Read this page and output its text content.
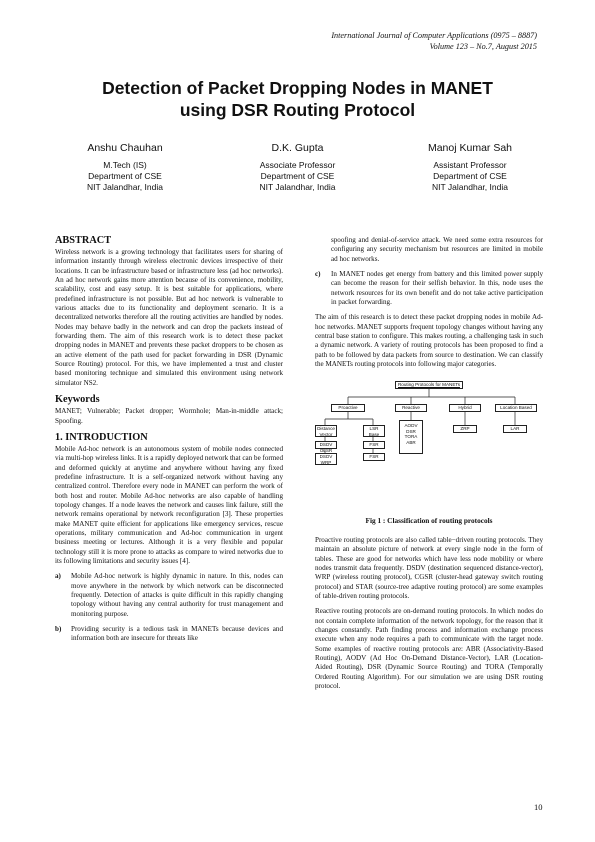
International Journal of Computer Applications (0975 – 8887)
Volume 123 – No.7, August 2015
Detection of Packet Dropping Nodes in MANET
using DSR Routing Protocol
Anshu Chauhan
M.Tech (IS)
Department of CSE
NIT Jalandhar, India
D.K. Gupta
Associate Professor
Department of CSE
NIT Jalandhar, India
Manoj Kumar Sah
Assistant Professor
Department of CSE
NIT Jalandhar, India
ABSTRACT

Wireless network is a growing technology that facilitates users for sharing of information instantly through wireless electronic devices irrespective of their locations. It can be infrastructure based or infrastructure less (ad hoc networks). An ad hoc network gains more attention because of its convenience, mobility, scalability, cost and easy setup. It is best suitable for applications, where predefined infrastructure is not possible. But ad hoc network is vulnerable to various attacks due to its functionality and deployment scenario. It is a decentralized networks therefore all the routing activities are handled by nodes. Nodes may behave badly in the network and can drop the packets instead of forwarding them. The aim of this research work is to detect these packet dropping nodes in MANET and prevents these packet droppers to be chosen as an active element of the path used for packet forwarding in DSR (Dynamic Source Routing) protocol. For this, we have implemented a trust and cluster based monitoring technique and simulated this environment using network simulator NS2.

Keywords

MANET; Vulnerable; Packet dropper; Wormhole; Man-in-middle attack; Spoofing.

1. INTRODUCTION

Mobile Ad-hoc network is an autonomous system of mobile nodes connected via multi-hop wireless links. It is a rapidly deployed network that can be formed and deformed quickly at anytime and anywhere without having any fixed predefine infrastructure. It is a self-organized network without having any centralized control. Therefore every node in MANET can perform the work of both host and router. Mobile Ad-hoc networks are also capable of handling topology changes. If a node leaves the network and causes link failure, still the network remains operational by network reconfiguration [3]. These properties make MANET quite efficient for applications like emergency services, rescue operations, military communication and Ad-hoc communication in urgent business meeting or lectures. Although it is a very flexible and popular technology still it is more prone to attacks as compare to wired networks due to its following limitations and security issues [4].

a)	Mobile Ad-hoc network is highly dynamic in nature. In this, nodes can move anywhere in the network by which network can be disconnected frequently. Detection of attacks is quite difficult in this rapidly changing topology without having any central authority for trust management and monitoring purpose.
b)	Providing security is a tedious task in MANETs because devices and information both are insecure for threats like

spoofing and denial-of-service attack. We need some extra resources for configuring any security mechanism but resources are limited in mobile ad hoc networks.

c)	In MANET nodes get energy from battery and this limited power supply can become the reason for their selfish behavior. In this, node uses the network resources for its own benefit and do not take active participation in packet forwarding.

The aim of this research is to detect these packet dropping nodes in mobile Ad-hoc networks. MANET supports frequent topology changes without having any central base station to configure. This makes routing, a challenging task in such a dynamic network. A variety of routing protocols has been proposed to find a path to be followed by data packets from source to destination. We can classify the MANETs routing protocols into following major categories.

Routing Protocols for MANETs
Proactive	Reactive	Hybrid	Location Based
Distance Vector
LSR Base
DSDV OLSR
FSR
DSDV WRP
FSR
AODV DSR TORA ABR
ZRP	LAR
Fig 1 : Classification of routing protocols

Proactive routing protocols are also called table−driven routing protocols. They maintain an absolute picture of network at every single node in the form of tables. These are good for networks which have less node mobility or where nodes transmit data frequently. DSDV (destination sequenced distance-vector), WRP (wireless routing protocol), CGSR (cluster-head gateway switch routing protocol) and STAR (source-tree adaptive routing protocol) are some examples of table-driven routing protocols.

Reactive routing protocols are on-demand routing protocols. In which nodes do not contain complete information of the network topology, for the reason that it changes constantly. Path finding process and information exchange process execute when any node requires a path to communicate with the target node. Some examples of reactive routing protocols are: ABR (Associativity-Based Routing), AODV (Ad Hoc On-Demand Distance-Vector), LAR (Location-Aided Routing), DSR (Dynamic Source Routing) and TORA (Temporally Ordered Routing Algorithm). For our simulation we are using DSR routing protocol.

10
